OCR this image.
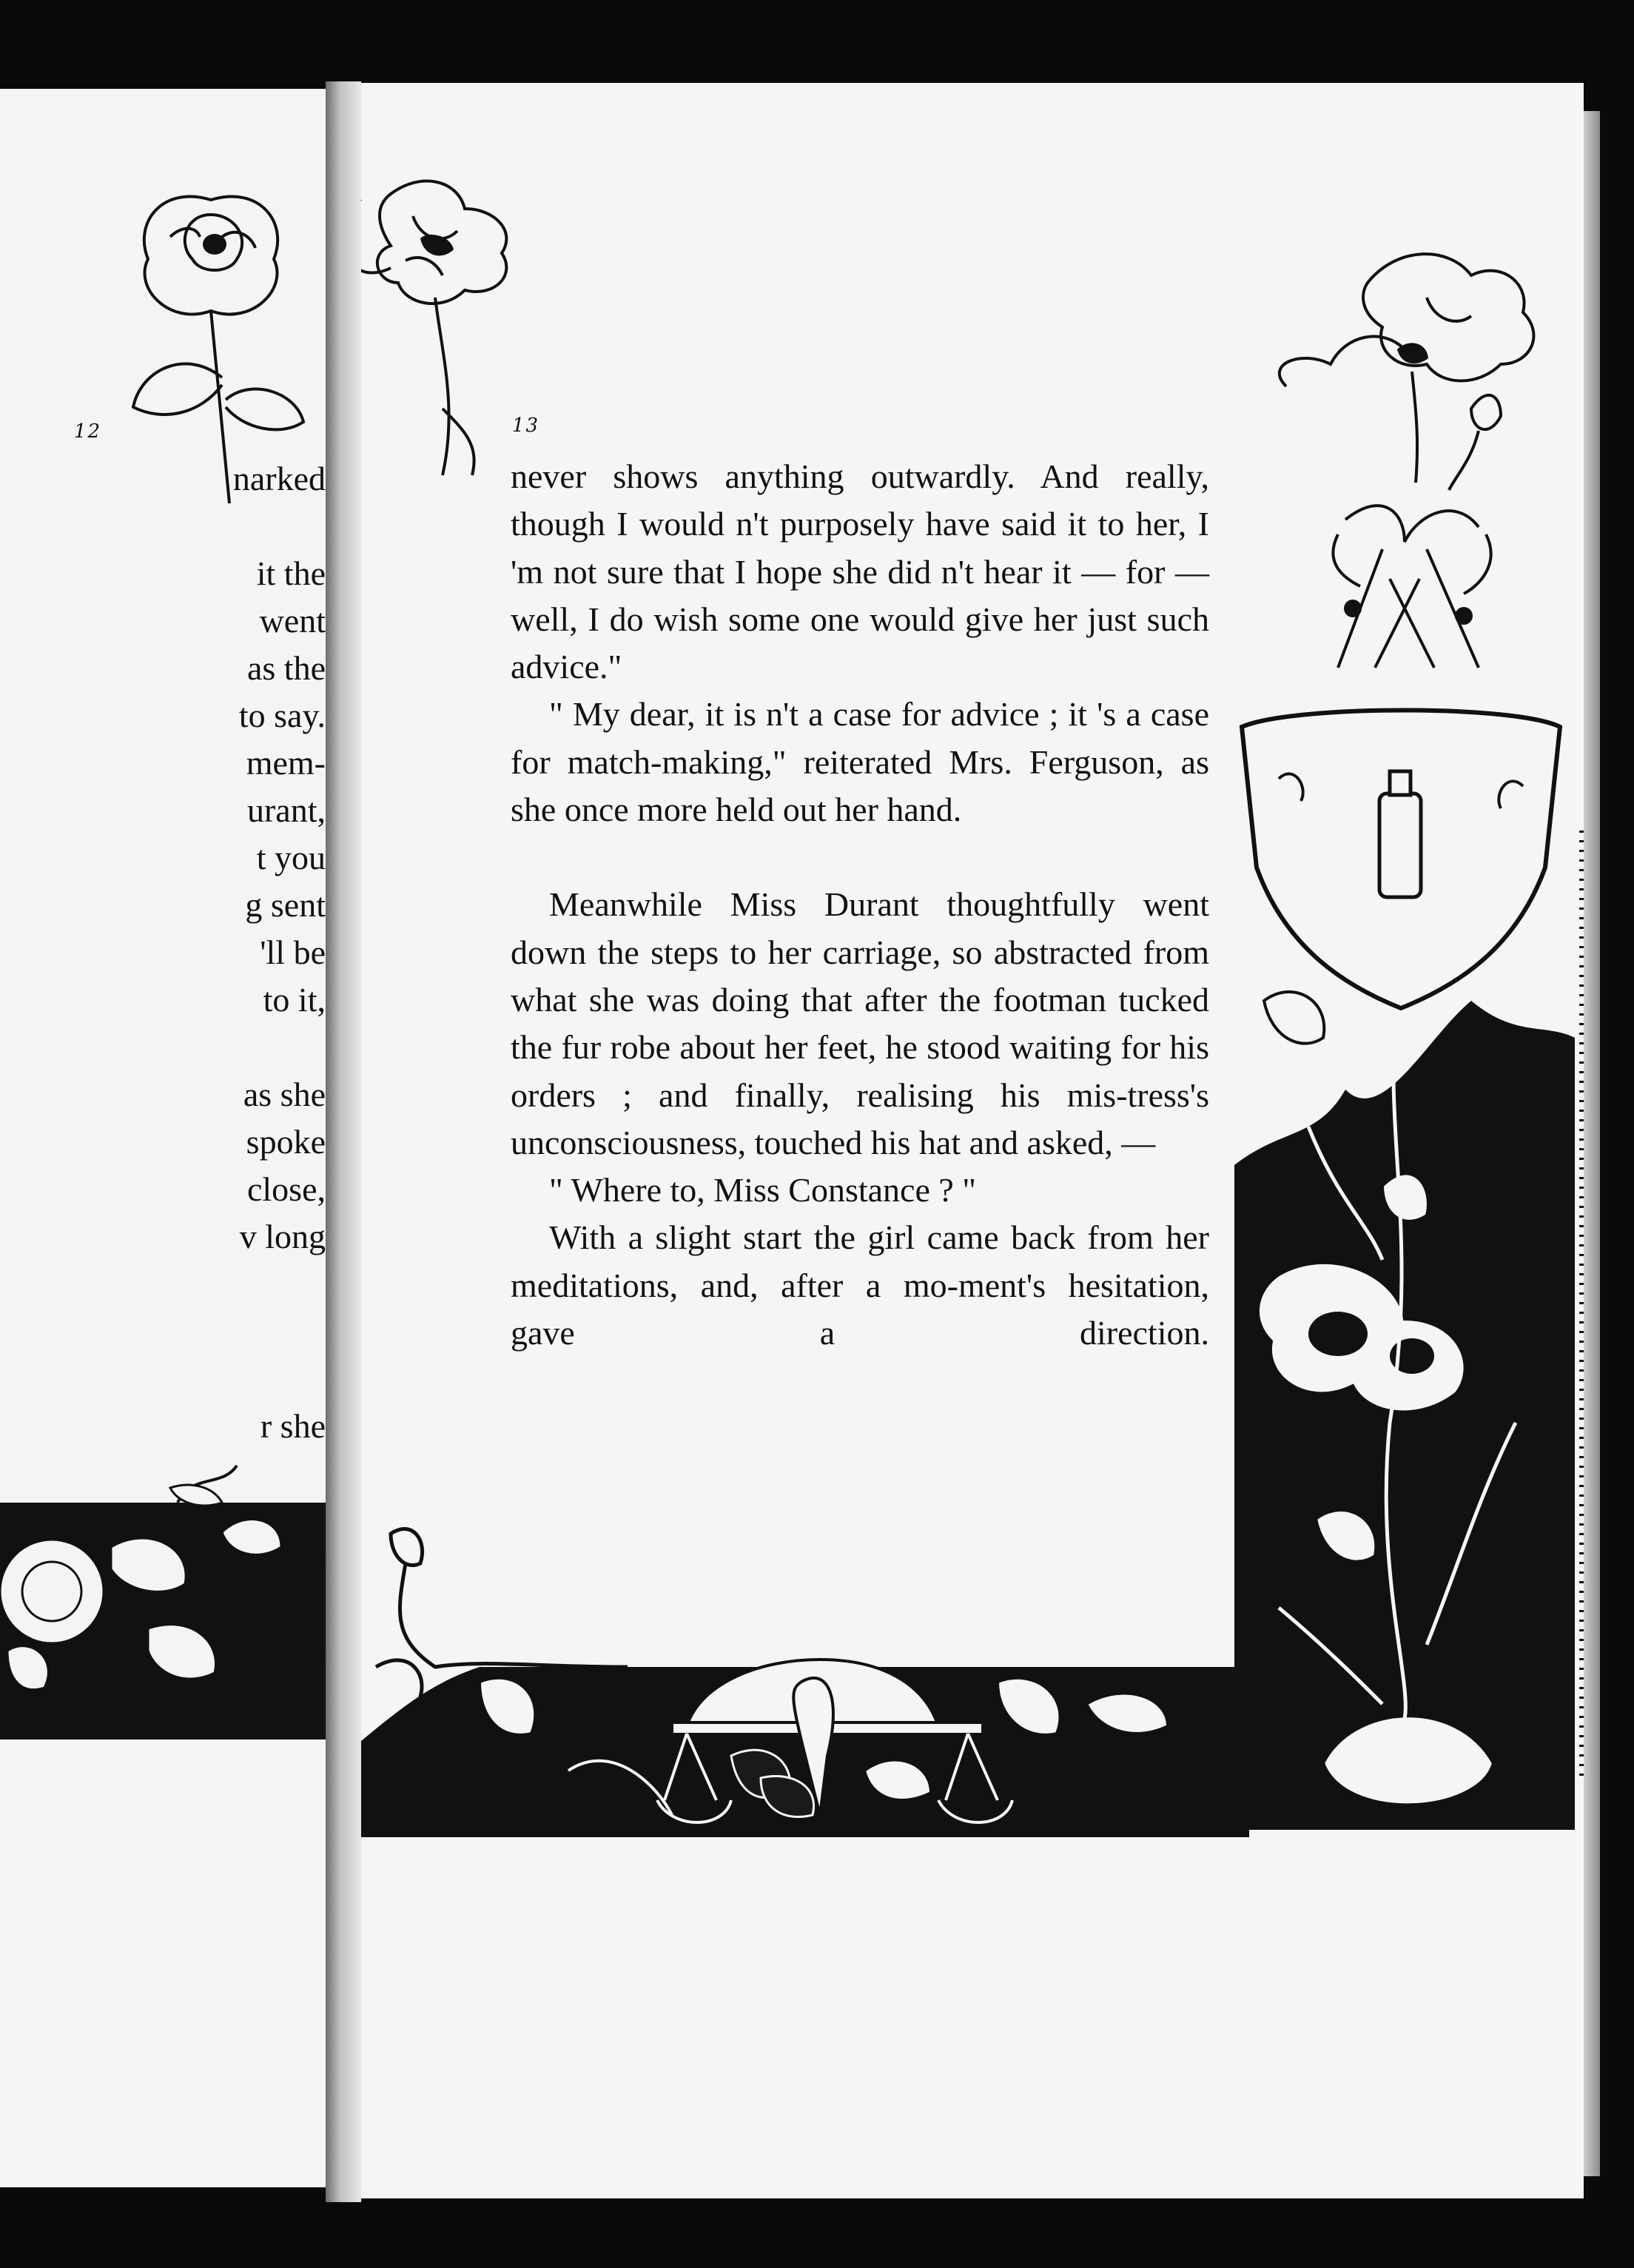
12
narked
it the
went
as the
to say.
mem-
urant,
t you
g sent
'll be
to it,
as she
spoke
close,
v long
r she
13

never shows anything outwardly. And really, though I would n't purposely have said it to her, I 'm not sure that I hope she did n't hear it — for — well, I do wish some one would give her just such advice."

" My dear, it is n't a case for advice ; it 's a case for match-making," reiterated Mrs. Ferguson, as she once more held out her hand.

Meanwhile Miss Durant thoughtfully went down the steps to her carriage, so abstracted from what she was doing that after the footman tucked the fur robe about her feet, he stood waiting for his orders ; and finally, realising his mis-tress's unconsciousness, touched his hat and asked, —

" Where to, Miss Constance ? "

With a slight start the girl came back from her meditations, and, after a mo-ment's hesitation, gave a direction.
